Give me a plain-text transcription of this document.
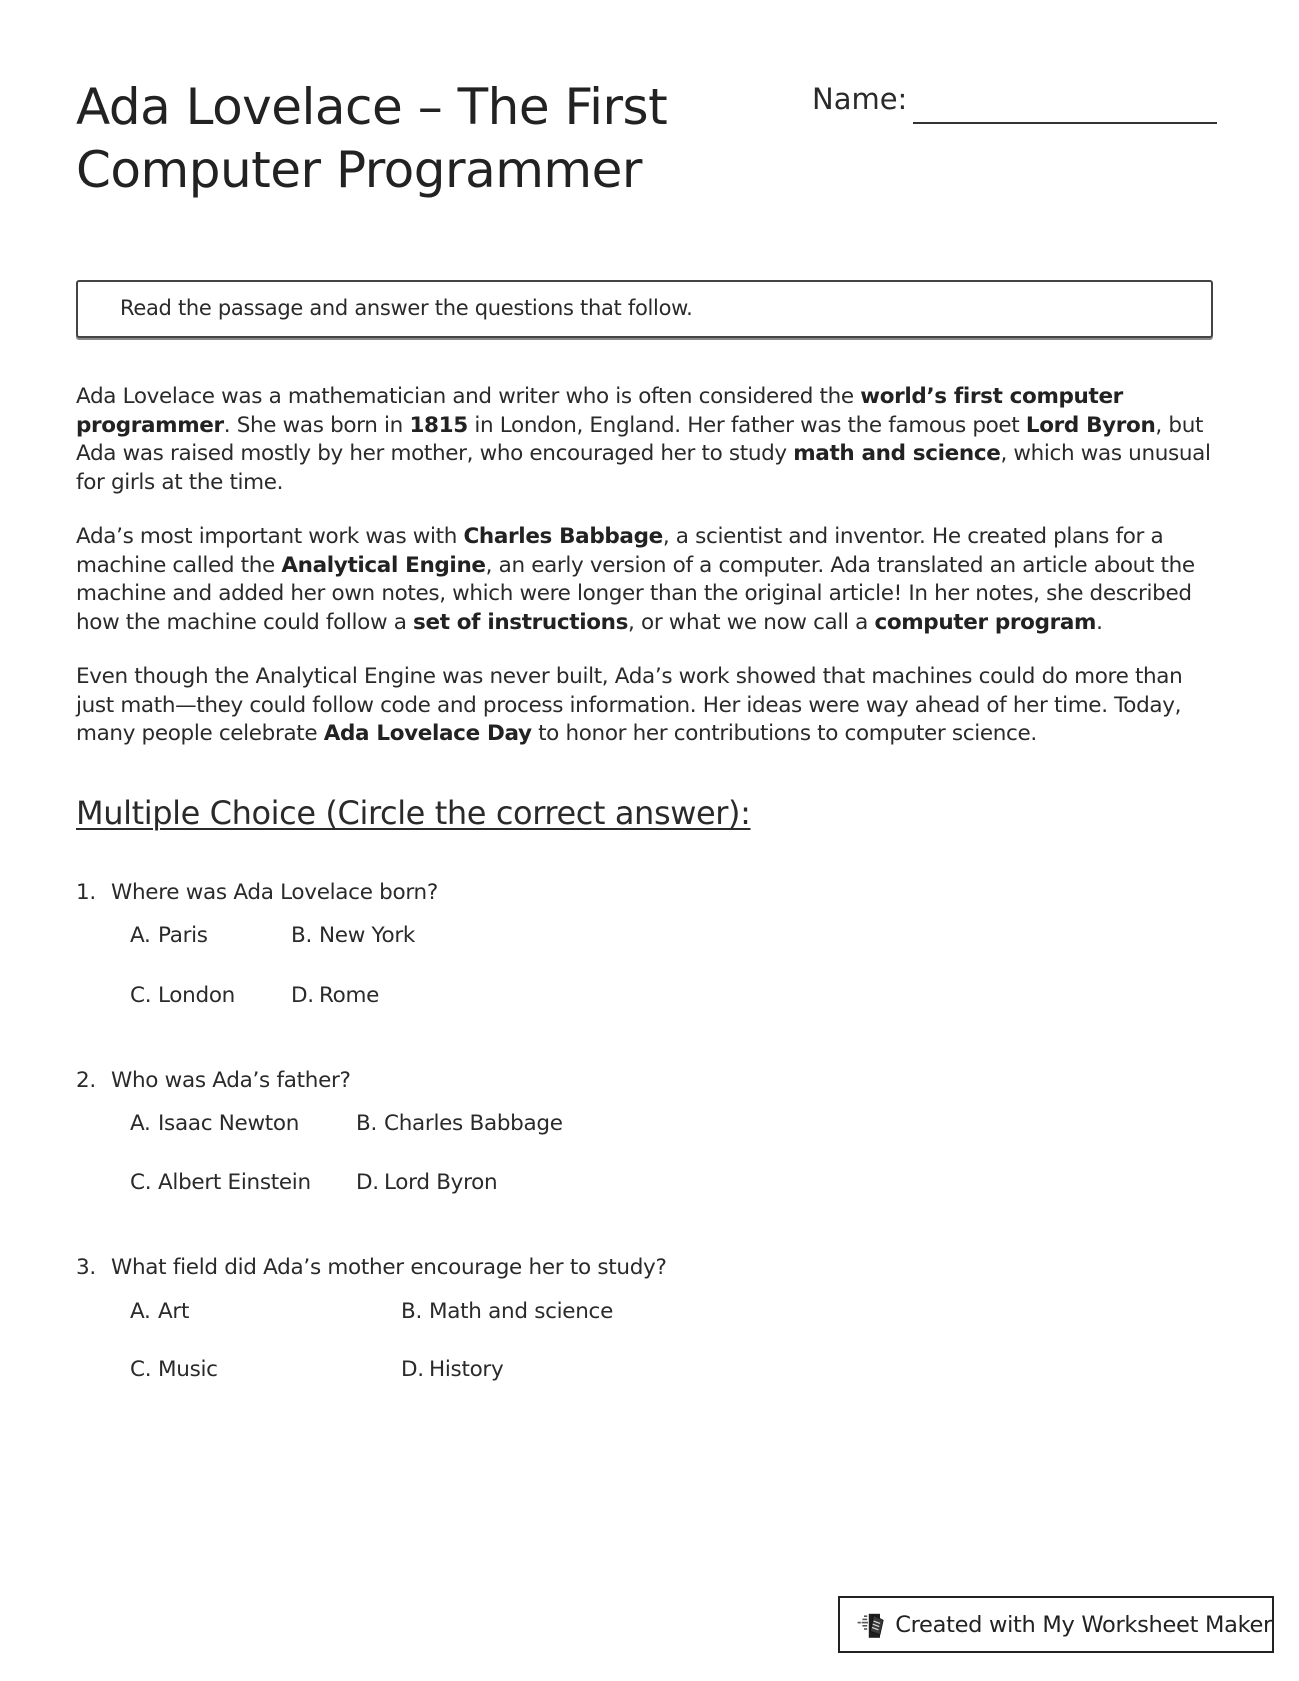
Ada Lovelace – The First
Computer Programmer
Name:
Read the passage and answer the questions that follow.

Ada Lovelace was a mathematician and writer who is often considered the world’s first computer programmer. She was born in 1815 in London, England. Her father was the famous poet Lord Byron, but Ada was raised mostly by her mother, who encouraged her to study math and science, which was unusual for girls at the time.

Ada’s most important work was with Charles Babbage, a scientist and inventor. He created plans for a machine called the Analytical Engine, an early version of a computer. Ada translated an article about the machine and added her own notes, which were longer than the original article! In her notes, she described how the machine could follow a set of instructions, or what we now call a computer program.

Even though the Analytical Engine was never built, Ada’s work showed that machines could do more than just math—they could follow code and process information. Her ideas were way ahead of her time. Today, many people celebrate Ada Lovelace Day to honor her contributions to computer science.

Multiple Choice (Circle the correct answer):
1. Where was Ada Lovelace born?
A. Paris	B. New York
C. London	D. Rome
2. Who was Ada’s father?
A. Isaac Newton	B. Charles Babbage
C. Albert Einstein D. Lord Byron
3. What field did Ada’s mother encourage her to study?
A. Art	B. Math and science
C. Music	D. History
Created with My Worksheet Maker
